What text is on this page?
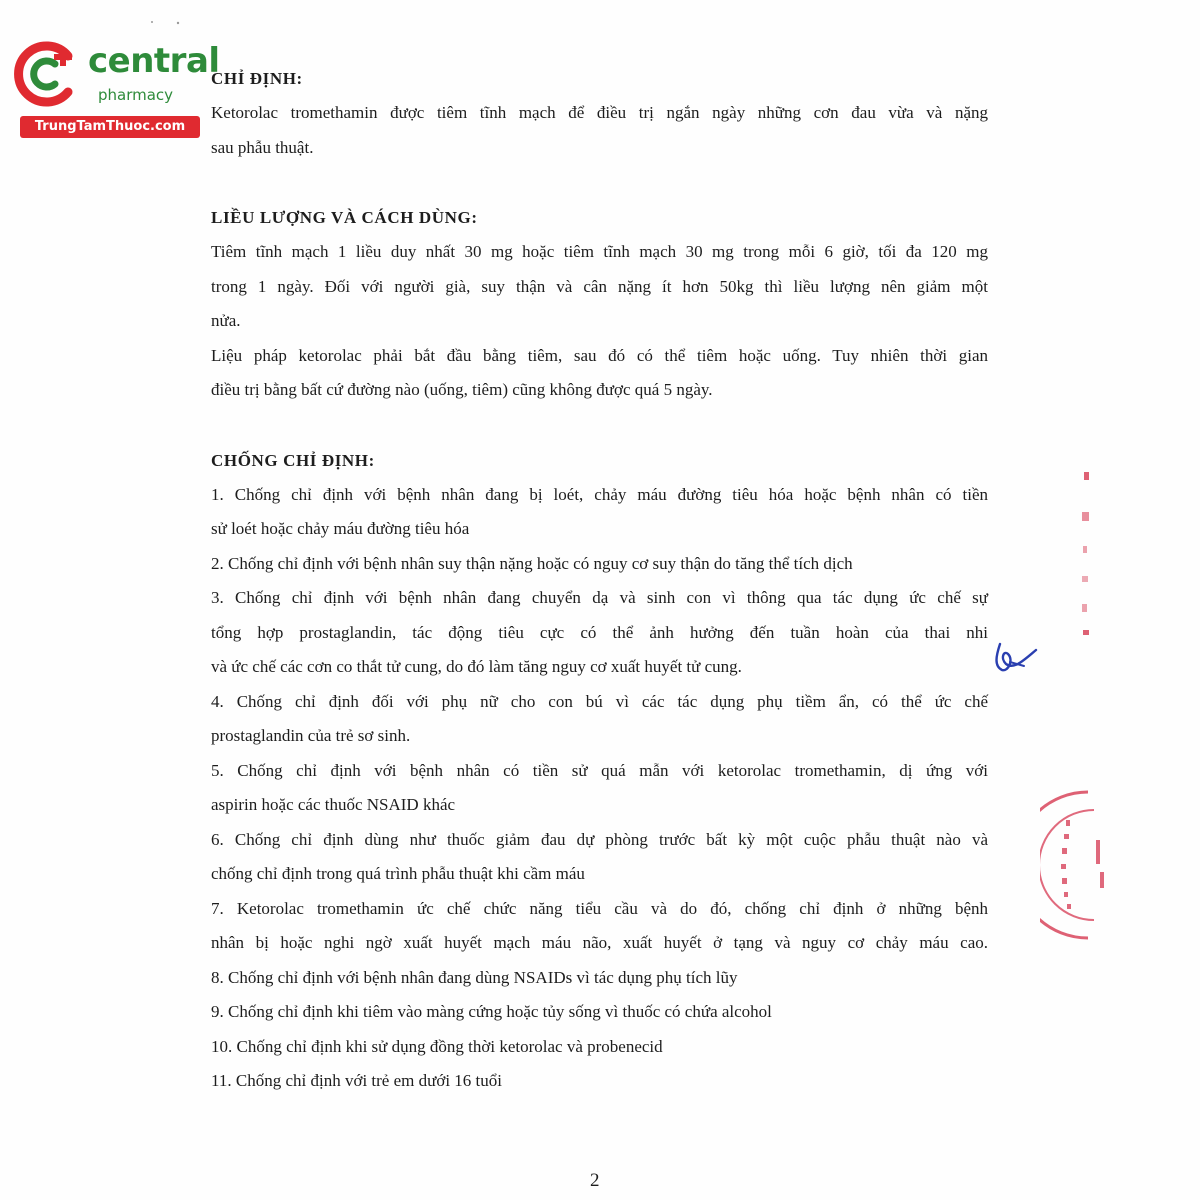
central
pharmacy
TrungTamThuoc.com

CHỈ ĐỊNH:

Ketorolac tromethamin được tiêm tĩnh mạch để điều trị ngắn ngày những cơn đau vừa và nặng

sau phẫu thuật.

LIỀU LƯỢNG VÀ CÁCH DÙNG:

Tiêm tĩnh mạch 1 liều duy nhất 30 mg hoặc tiêm tĩnh mạch 30 mg trong mỗi 6 giờ, tối đa 120 mg

trong 1 ngày. Đối với người già, suy thận và cân nặng ít hơn 50kg thì liều lượng nên giảm một

nửa.

Liệu pháp ketorolac phải bắt đầu bằng tiêm, sau đó có thể tiêm hoặc uống. Tuy nhiên thời gian

điều trị bằng bất cứ đường nào (uống, tiêm) cũng không được quá 5 ngày.

CHỐNG CHỈ ĐỊNH:

1. Chống chỉ định với bệnh nhân đang bị loét, chảy máu đường tiêu hóa hoặc bệnh nhân có tiền

sử loét hoặc chảy máu đường tiêu hóa

2. Chống chỉ định với bệnh nhân suy thận nặng hoặc có nguy cơ suy thận do tăng thể tích dịch

3. Chống chỉ định với bệnh nhân đang chuyển dạ và sinh con vì thông qua tác dụng ức chế sự

tổng hợp prostaglandin, tác động tiêu cực có thể ảnh hưởng đến tuần hoàn của thai nhi

và ức chế các cơn co thắt tử cung, do đó làm tăng nguy cơ xuất huyết tử cung.

4. Chống chỉ định đối với phụ nữ cho con bú vì các tác dụng phụ tiềm ẩn, có thể ức chế

prostaglandin của trẻ sơ sinh.

5. Chống chỉ định với bệnh nhân có tiền sử quá mẫn với ketorolac tromethamin, dị ứng với

aspirin hoặc các thuốc NSAID khác

6. Chống chỉ định dùng như thuốc giảm đau dự phòng trước bất kỳ một cuộc phẫu thuật nào và

chống chỉ định trong quá trình phẫu thuật khi cầm máu

7. Ketorolac tromethamin ức chế chức năng tiểu cầu và do đó, chống chỉ định ở những bệnh

nhân bị hoặc nghi ngờ xuất huyết mạch máu não, xuất huyết ở tạng và nguy cơ chảy máu cao.

8. Chống chỉ định với bệnh nhân đang dùng NSAIDs vì tác dụng phụ tích lũy

9. Chống chỉ định khi tiêm vào màng cứng hoặc tủy sống vì thuốc có chứa alcohol

10. Chống chỉ định khi sử dụng đồng thời ketorolac và probenecid

11. Chống chỉ định với trẻ em dưới 16 tuổi

2
